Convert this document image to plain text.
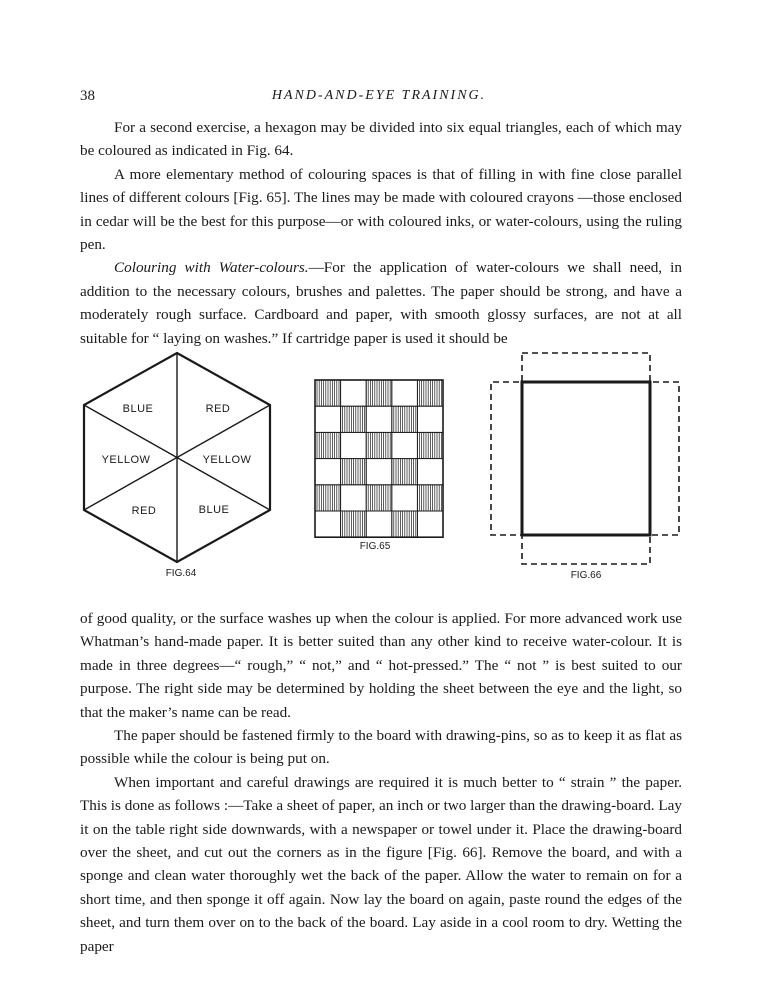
38	HAND-AND-EYE TRAINING.

For a second exercise, a hexagon may be divided into six equal triangles, each of which may be coloured as indicated in Fig. 64.

A more elementary method of colouring spaces is that of filling in with fine close parallel lines of different colours [Fig. 65]. The lines may be made with coloured crayons —those enclosed in cedar will be the best for this purpose—or with coloured inks, or water-colours, using the ruling pen.

Colouring with Water-colours.—For the application of water-colours we shall need, in addition to the necessary colours, brushes and palettes. The paper should be strong, and have a moderately rough surface. Cardboard and paper, with smooth glossy surfaces, are not at all suitable for “ laying on washes.” If cartridge paper is used it should be

BLUE	RED
YELLOW	YELLOW
RED	BLUE
FIG.64
FIG.65
FIG.66

of good quality, or the surface washes up when the colour is applied. For more advanced work use Whatman’s hand-made paper. It is better suited than any other kind to receive water-colour. It is made in three degrees—“ rough,” “ not,” and “ hot-pressed.” The “ not ” is best suited to our purpose. The right side may be determined by holding the sheet between the eye and the light, so that the maker’s name can be read.

The paper should be fastened firmly to the board with drawing-pins, so as to keep it as flat as possible while the colour is being put on.

When important and careful drawings are required it is much better to “ strain ” the paper. This is done as follows :—Take a sheet of paper, an inch or two larger than the drawing-board. Lay it on the table right side downwards, with a newspaper or towel under it. Place the drawing-board over the sheet, and cut out the corners as in the figure [Fig. 66]. Remove the board, and with a sponge and clean water thoroughly wet the back of the paper. Allow the water to remain on for a short time, and then sponge it off again. Now lay the board on again, paste round the edges of the sheet, and turn them over on to the back of the board. Lay aside in a cool room to dry. Wetting the paper
